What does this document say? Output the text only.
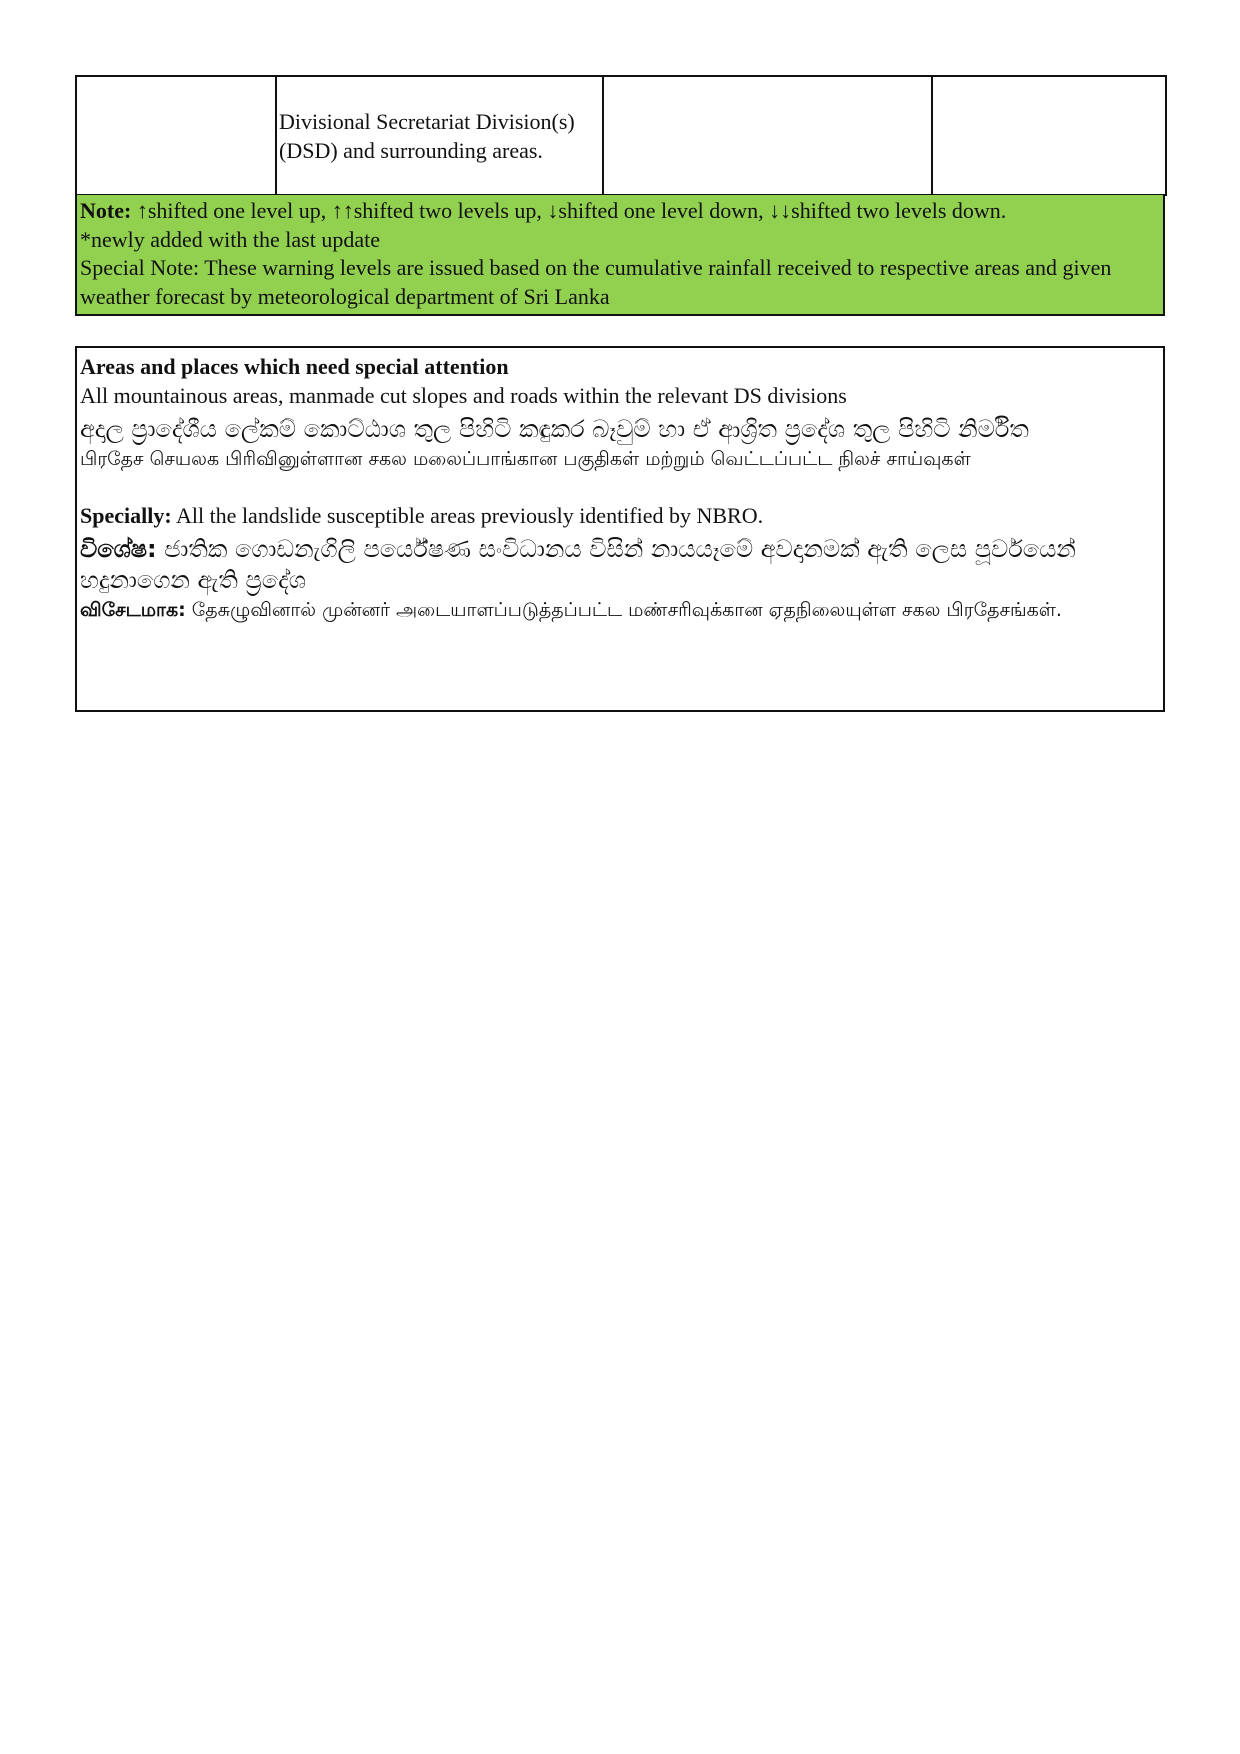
Divisional Secretariat Division(s) (DSD) and surrounding areas.

Note: ↑shifted one level up, ↑↑shifted two levels up, ↓shifted one level down, ↓↓shifted two levels down.
*newly added with the last update
Special Note: These warning levels are issued based on the cumulative rainfall received to respective areas and given weather forecast by meteorological department of Sri Lanka
Areas and places which need special attention
All mountainous areas, manmade cut slopes and roads within the relevant DS divisions
අදාල ප්‍රාදේශීය ලේකම් කොට්ඨාශ තුල පිහිටි කඳුකර බෑවුම් හා ඒ ආශ්‍රිත ප්‍රදේශ තුල පිහිටි නිර්මිත
பிரதேச செயலக பிரிவினுள்ளான சகல மலைப்பாங்கான பகுதிகள் மற்றும் வெட்டப்பட்ட நிலச் சாய்வுகள்
Specially: All the landslide susceptible areas previously identified by NBRO.
විශේෂ: ජාතික ගොඩනැගිලි පර්යේෂණ සංවිධානය විසින් නායයෑමේ අවදානමක් ඇති ලෙස පූර්වයෙන් හදුනාගෙන ඇති ප්‍රදේශ
விசேடமாக: தேசுழுவினால் முன்னர் அடையாளப்படுத்தப்பட்ட மண்சரிவுக்கான ஏதநிலையுள்ள சகல பிரதேசங்கள்.
